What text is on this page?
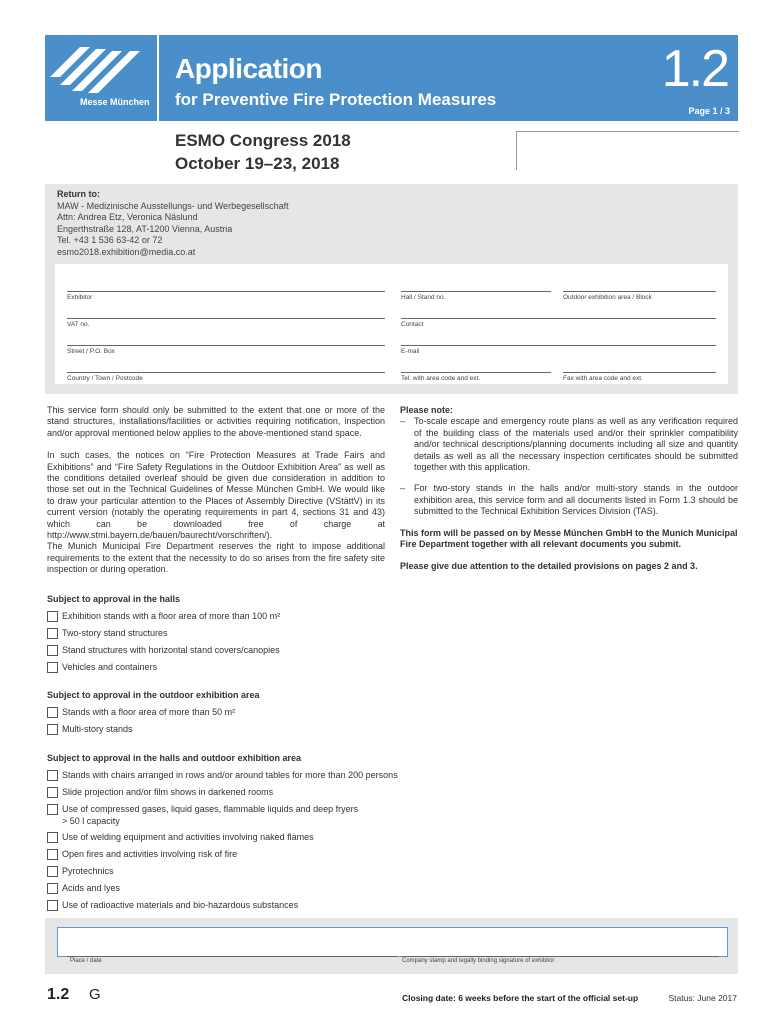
Messe München
Application
for Preventive Fire Protection Measures
1.2
Page 1 / 3
ESMO Congress 2018
October 19–23, 2018
Return to:
MAW - Medizinische Ausstellungs- und Werbegesellschaft
Attn: Andrea Etz, Veronica Näslund
Engerthstraße 128, AT-1200 Vienna, Austria
Tel. +43 1 536 63-42 or 72
esmo2018.exhibition@media.co.at
Exhibitor	Hall / Stand no.	Outdoor exhibition area / Block
VAT no.	Contact
Street / P.O. Box	E-mail
Country / Town / Postcode	Tel. with area code and ext.	Fax with area code and ext.

This service form should only be submitted to the extent that one or more of the stand structures, installations/facilities or activities requiring notification, inspection and/or approval mentioned below applies to the above-mentioned stand space.

In such cases, the notices on “Fire Protection Measures at Trade Fairs and Exhibitions” and “Fire Safety Regulations in the Outdoor Exhibition Area” as well as the conditions detailed overleaf should be given due consideration in addition to those set out in the Technical Guidelines of Messe München GmbH. We would like to draw your particular attention to the Places of Assembly Directive (VStättV) in its current version (notably the operating requirements in part 4, sections 31 and 43) which can be downloaded free of charge at http://www.stmi.bayern.de/bauen/baurecht/vorschriften/).

The Munich Municipal Fire Department reserves the right to impose additional requirements to the extent that the necessity to do so arises from the fire safety site inspection or during operation.

Please note:
– To-scale escape and emergency route plans as well as any verification required of the building class of the materials used and/or their sprinkler compatibility and/or technical descriptions/planning documents including all size and quantity details as well as all the necessary inspection certificates should be submitted together with this application.
– For two-story stands in the halls and/or multi-story stands in the outdoor exhibition area, this service form and all documents listed in Form 1.3 should be submitted to the Technical Exhibition Services Division (TAS).
This form will be passed on by Messe München GmbH to the Munich Municipal Fire Department together with all relevant documents you submit.
Please give due attention to the detailed provisions on pages 2 and 3.
Subject to approval in the halls
Exhibition stands with a floor area of more than 100 m²
Two-story stand structures
Stand structures with horizontal stand covers/canopies
Vehicles and containers
Subject to approval in the outdoor exhibition area
Stands with a floor area of more than 50 m²
Multi-story stands
Subject to approval in the halls and outdoor exhibition area
Stands with chairs arranged in rows and/or around tables for more than 200 persons
Slide projection and/or film shows in darkened rooms
Use of compressed gases, liquid gases, flammable liquids and deep fryers
> 50 l capacity
Use of welding equipment and activities involving naked flames
Open fires and activities involving risk of fire
Pyrotechnics
Acids and lyes
Use of radioactive materials and bio-hazardous substances
Place / date	Company stamp and legally binding signature of exhibitor
1.2 G	Closing date: 6 weeks before the start of the official set-up	Status: June 2017
